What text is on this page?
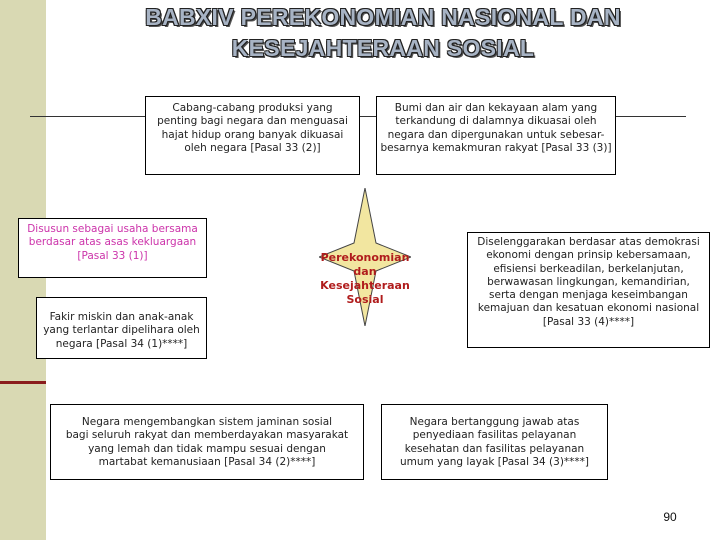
BABXIV PEREKONOMIAN NASIONAL DAN
KESEJAHTERAAN SOSIAL
Cabang-cabang produksi yang
penting bagi negara dan menguasai
hajat hidup orang banyak dikuasai
oleh negara [Pasal 33 (2)]
Bumi dan air dan kekayaan alam yang
terkandung di dalamnya dikuasai oleh
negara dan dipergunakan untuk sebesar-
besarnya kemakmuran rakyat [Pasal 33 (3)]
Disusun sebagai usaha bersama
berdasar atas asas kekluargaan
[Pasal 33 (1)]
Fakir miskin dan anak-anak
yang terlantar dipelihara oleh
negara [Pasal 34 (1)****]
Diselenggarakan berdasar atas demokrasi
ekonomi dengan prinsip kebersamaan,
efisiensi berkeadilan, berkelanjutan,
berwawasan lingkungan, kemandirian,
serta dengan menjaga keseimbangan
kemajuan dan kesatuan ekonomi nasional
[Pasal 33 (4)****]
Negara mengembangkan sistem jaminan sosial
bagi seluruh rakyat dan memberdayakan masyarakat
yang lemah dan tidak mampu sesuai dengan
martabat kemanusiaan [Pasal 34 (2)****]
Negara bertanggung jawab atas
penyediaan fasilitas pelayanan
kesehatan dan fasilitas pelayanan
umum yang layak [Pasal 34 (3)****]
Perekonomian
dan
Kesejahteraan
Sosial
90
